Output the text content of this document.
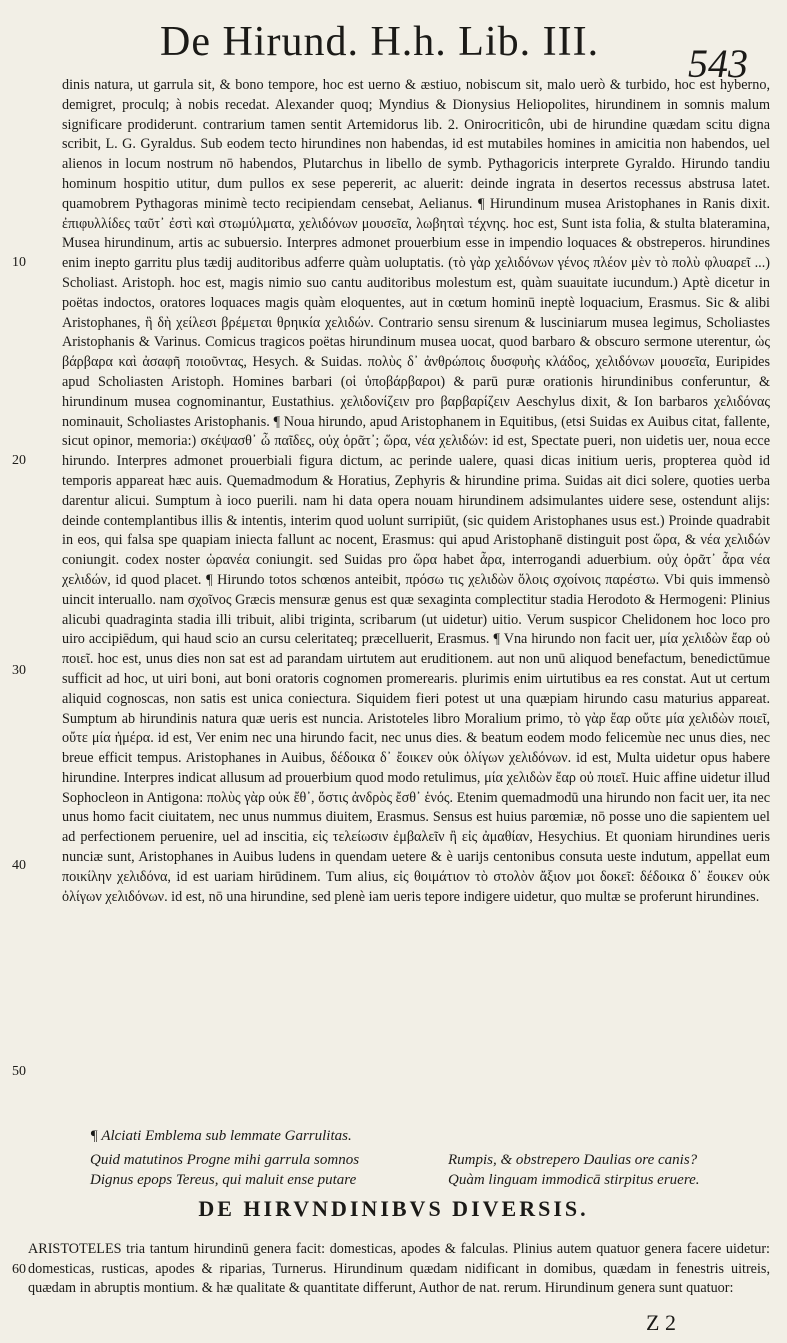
De Hirund. H.h. Lib. III. 543
10
20
30
40
50
60

dinis natura, ut garrula sit, & bono tempore, hoc est uerno & æstiuo, nobiscum sit, malo uerò & turbido, hoc est hyberno, demigret, proculq; à nobis recedat. Alexander quoq; Myndius & Dionysius Heliopolites, hirundinem in somnis malum significare prodiderunt. contrarium tamen sentit Artemidorus lib. 2. Onirocriticôn, ubi de hirundine quædam scitu digna scribit, L. G. Gyraldus. Sub eodem tecto hirundines non habendas, id est mutabiles homines in amicitia non habendos, uel alienos in locum nostrum nō habendos, Plutarchus in libello de symb. Pythagoricis interprete Gyraldo. Hirundo tandiu hominum hospitio utitur, dum pullos ex sese pepererit, ac aluerit: deinde ingrata in desertos recessus abstrusa latet. quamobrem Pythagoras minimè tecto recipiendam censebat, Aelianus. ¶ Hirundinum musea Aristophanes in Ranis dixit. ἐπιφυλλίδες ταῦτ᾽ ἐστὶ καὶ στωμύλματα, χελιδόνων μουσεῖα, λωβηταὶ τέχνης. hoc est, Sunt ista folia, & stulta blateramina, Musea hirundinum, artis ac subuersio. Interpres admonet prouerbium esse in impendio loquaces & obstreperos. hirundines enim inepto garritu plus tædij auditoribus adferre quàm uoluptatis. (τὸ γὰρ χελιδόνων γένος πλέον μὲν τὸ πολὺ φλυαρεῖ ...) Scholiast. Aristoph. hoc est, magis nimio suo cantu auditoribus molestum est, quàm suauitate iucundum.) Aptè dicetur in poëtas indoctos, oratores loquaces magis quàm eloquentes, aut in cœtum hominū ineptè loquacium, Erasmus. Sic & alibi Aristophanes, ἣ δὴ χείλεσι βρέμεται θρηικία χελιδών. Contrario sensu sirenum & lusciniarum musea legimus, Scholiastes Aristophanis & Varinus. Comicus tragicos poëtas hirundinum musea uocat, quod barbaro & obscuro sermone uterentur, ὡς βάρβαρα καὶ ἀσαφῆ ποιοῦντας, Hesych. & Suidas. πολὺς δ᾽ ἀνθρώποις δυσφυὴς κλάδος, χελιδόνων μουσεῖα, Euripides apud Scholiasten Aristoph. Homines barbari (οἱ ὑποβάρβαροι) & parū puræ orationis hirundinibus conferuntur, & hirundinum musea cognominantur, Eustathius. χελιδονίζειν pro βαρβαρίζειν Aeschylus dixit, & Ion barbaros χελιδόνας nominauit, Scholiastes Aristophanis. ¶ Noua hirundo, apud Aristophanem in Equitibus, (etsi Suidas ex Auibus citat, fallente, sicut opinor, memoria:) σκέψασθ᾽ ὦ παῖδες, οὐχ ὁρᾶτ᾽; ὥρα, νέα χελιδών: id est, Spectate pueri, non uidetis uer, noua ecce hirundo. Interpres admonet prouerbiali figura dictum, ac perinde ualere, quasi dicas initium ueris, propterea quòd id temporis appareat hæc auis. Quemadmodum & Horatius, Zephyris & hirundine prima. Suidas ait dici solere, quoties uerba darentur alicui. Sumptum à ioco puerili. nam hi data opera nouam hirundinem adsimulantes uidere sese, ostendunt alijs: deinde contemplantibus illis & intentis, interim quod uolunt surripiūt, (sic quidem Aristophanes usus est.) Proinde quadrabit in eos, qui falsa spe quapiam iniecta fallunt ac nocent, Erasmus: qui apud Aristophanē distinguit post ὥρα, & νέα χελιδών coniungit. codex noster ὡρανέα coniungit. sed Suidas pro ὥρα habet ἆρα, interrogandi aduerbium. οὐχ ὁρᾶτ᾽ ἆρα νέα χελιδών, id quod placet. ¶ Hirundo totos schœnos anteibit, πρόσω τις χελιδὼν ὅλοις σχοίνοις παρέστω. Vbi quis immensò uincit interuallo. nam σχοῖνος Græcis mensuræ genus est quæ sexaginta complectitur stadia Herodoto & Hermogeni: Plinius alicubi quadraginta stadia illi tribuit, alibi triginta, scribarum (ut uidetur) uitio. Verum suspicor Chelidonem hoc loco pro uiro accipiēdum, qui haud scio an cursu celeritateq; præcelluerit, Erasmus. ¶ Vna hirundo non facit uer, μία χελιδὼν ἔαρ οὐ ποιεῖ. hoc est, unus dies non sat est ad parandam uirtutem aut eruditionem. aut non unū aliquod benefactum, benedictūmue sufficit ad hoc, ut uiri boni, aut boni oratoris cognomen promerearis. plurimis enim uirtutibus ea res constat. Aut ut certum aliquid cognoscas, non satis est unica coniectura. Siquidem fieri potest ut una quæpiam hirundo casu maturius appareat. Sumptum ab hirundinis natura quæ ueris est nuncia. Aristoteles libro Moralium primo, τὸ γὰρ ἔαρ οὔτε μία χελιδὼν ποιεῖ, οὔτε μία ἡμέρα. id est, Ver enim nec una hirundo facit, nec unus dies. & beatum eodem modo felicemùe nec unus dies, nec breue efficit tempus. Aristophanes in Auibus, δέδοικα δ᾽ ἔοικεν οὐκ ὀλίγων χελιδόνων. id est, Multa uidetur opus habere hirundine. Interpres indicat allusum ad prouerbium quod modo retulimus, μία χελιδὼν ἔαρ οὐ ποιεῖ. Huic affine uidetur illud Sophocleon in Antigona: πολὺς γὰρ οὐκ ἔθ᾽, ὅστις ἀνδρὸς ἔσθ᾽ ἑνός. Etenim quemadmodū una hirundo non facit uer, ita nec unus homo facit ciuitatem, nec unus nummus diuitem, Erasmus. Sensus est huius parœmiæ, nō posse uno die sapientem uel ad perfectionem peruenire, uel ad inscitia, εἰς τελείωσιν ἐμβαλεῖν ἢ εἰς ἀμαθίαν, Hesychius. Et quoniam hirundines ueris nunciæ sunt, Aristophanes in Auibus ludens in quendam uetere & è uarijs centonibus consuta ueste indutum, appellat eum ποικίλην χελιδόνα, id est uariam hirūdinem. Tum alius, εἰς θοιμάτιον τὸ στολὸν ἄξιον μοι δοκεῖ: δέδοικα δ᾽ ἔοικεν οὐκ ὀλίγων χελιδόνων. id est, nō una hirundine, sed plenè iam ueris tepore indigere uidetur, quo multæ se proferunt hirundines.

¶ Alciati Emblema sub lemmate Garrulitas.
Quid matutinos Progne mihi garrula somnos
Dignus epops Tereus, qui maluit ense putare
Rumpis, & obstrepero Daulias ore canis?
Quàm linguam immodicā stirpitus eruere.
DE HIRVNDINIBVS DIVERSIS.

ARISTOTELES tria tantum hirundinū genera facit: domesticas, apodes & falculas. Plinius autem quatuor genera facere uidetur: domesticas, rusticas, apodes & riparias, Turnerus. Hirundinum quædam nidificant in domibus, quædam in fenestris uitreis, quædam in abruptis montium. & hæ qualitate & quantitate differunt, Author de nat. rerum. Hirundinum genera sunt quatuor:

Z 2
